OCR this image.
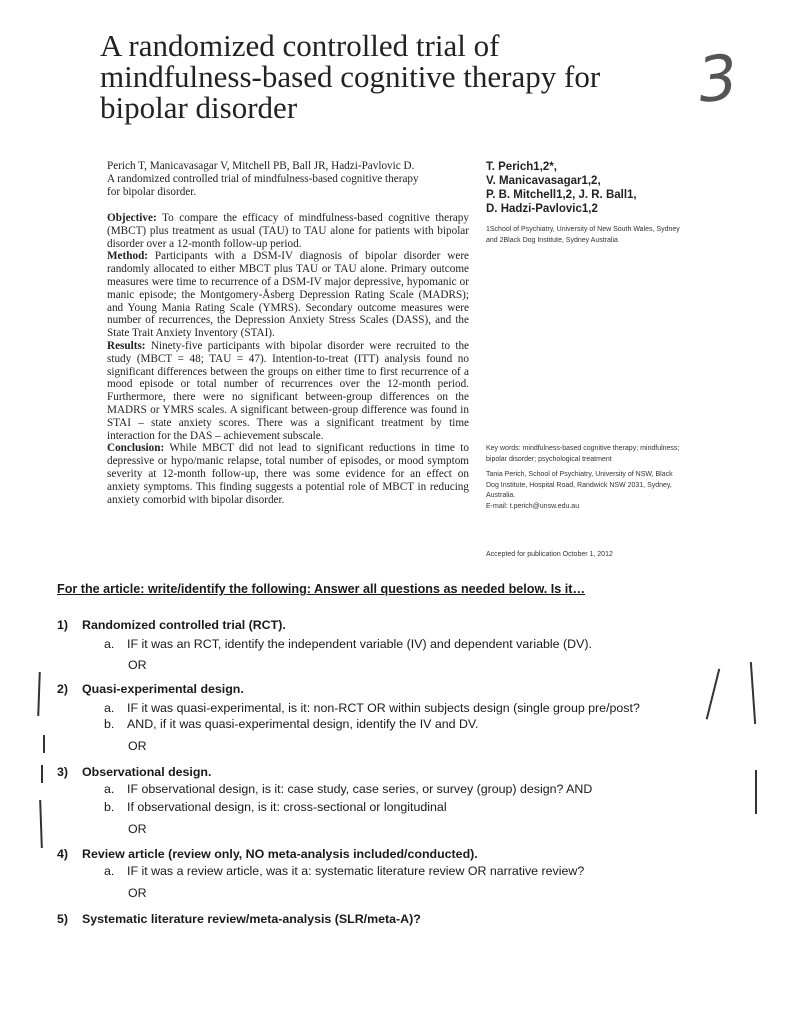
3
A randomized controlled trial of
mindfulness-based cognitive therapy for
bipolar disorder
Perich T, Manicavasagar V, Mitchell PB, Ball JR, Hadzi-Pavlovic D.
A randomized controlled trial of mindfulness-based cognitive therapy
for bipolar disorder.

Objective: To compare the efficacy of mindfulness-based cognitive therapy (MBCT) plus treatment as usual (TAU) to TAU alone for patients with bipolar disorder over a 12-month follow-up period.

Method: Participants with a DSM-IV diagnosis of bipolar disorder were randomly allocated to either MBCT plus TAU or TAU alone. Primary outcome measures were time to recurrence of a DSM-IV major depressive, hypomanic or manic episode; the Montgomery-Åsberg Depression Rating Scale (MADRS); and Young Mania Rating Scale (YMRS). Secondary outcome measures were number of recurrences, the Depression Anxiety Stress Scales (DASS), and the State Trait Anxiety Inventory (STAI).

Results: Ninety-five participants with bipolar disorder were recruited to the study (MBCT = 48; TAU = 47). Intention-to-treat (ITT) analysis found no significant differences between the groups on either time to first recurrence of a mood episode or total number of recurrences over the 12-month period. Furthermore, there were no significant between-group differences on the MADRS or YMRS scales. A significant between-group difference was found in STAI – state anxiety scores. There was a significant treatment by time interaction for the DAS – achievement subscale.

Conclusion: While MBCT did not lead to significant reductions in time to depressive or hypo/manic relapse, total number of episodes, or mood symptom severity at 12-month follow-up, there was some evidence for an effect on anxiety symptoms. This finding suggests a potential role of MBCT in reducing anxiety comorbid with bipolar disorder.

T. Perich1,2*,
V. Manicavasagar1,2,
P. B. Mitchell1,2, J. R. Ball1,
D. Hadzi-Pavlovic1,2
1School of Psychiatry, University of New South Wales, Sydney and 2Black Dog Institute, Sydney Australia
Key words: mindfulness-based cognitive therapy; mindfulness; bipolar disorder; psychological treatment
Tania Perich, School of Psychiatry, University of NSW, Black Dog Institute, Hospital Road, Randwick NSW 2031, Sydney, Australia.
E-mail: t.perich@unsw.edu.au
Accepted for publication October 1, 2012
For the article: write/identify the following: Answer all questions as needed below. Is it…
1) Randomized controlled trial (RCT).
a. IF it was an RCT, identify the independent variable (IV) and dependent variable (DV).
OR
2) Quasi-experimental design.
a. IF it was quasi-experimental, is it: non-RCT OR within subjects design (single group pre/post?
b. AND, if it was quasi-experimental design, identify the IV and DV.
OR
3) Observational design.
a. IF observational design, is it: case study, case series, or survey (group) design? AND
b. If observational design, is it: cross-sectional or longitudinal
OR
4) Review article (review only, NO meta-analysis included/conducted).
a. IF it was a review article, was it a: systematic literature review OR narrative review?
OR
5) Systematic literature review/meta-analysis (SLR/meta-A)?
